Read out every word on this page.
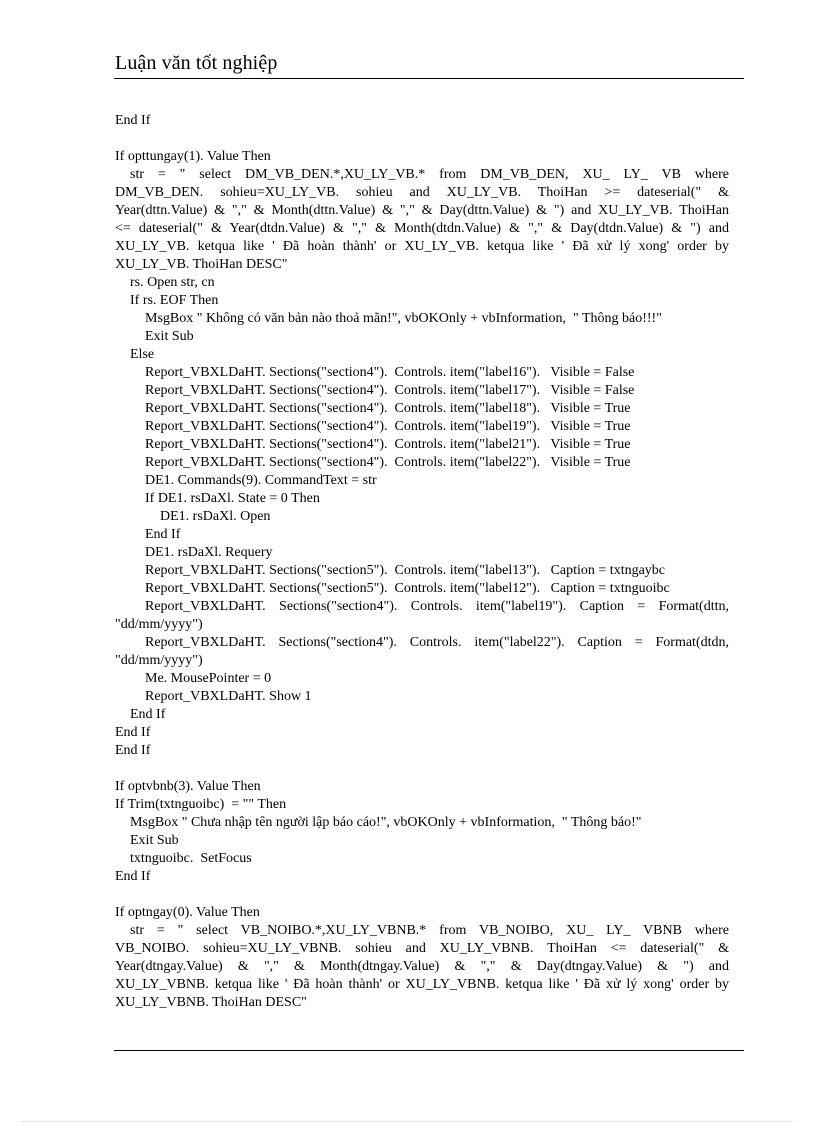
Luận văn tốt nghiệp
End If
If opttungay(1). Value Then
str = " select DM_VB_DEN.*,XU_LY_VB.* from DM_VB_DEN, XU_ LY_ VB where
DM_VB_DEN. sohieu=XU_LY_VB. sohieu and XU_LY_VB. ThoiHan >= dateserial(" &
Year(dttn.Value) & "," & Month(dttn.Value) & "," & Day(dttn.Value) & ") and XU_LY_VB. ThoiHan
<= dateserial(" & Year(dtdn.Value) & "," & Month(dtdn.Value) & "," & Day(dtdn.Value) & ") and
XU_LY_VB. ketqua like ' Đã hoàn thành' or XU_LY_VB. ketqua like ' Đã xử lý xong' order by
XU_LY_VB. ThoiHan DESC"
rs. Open str, cn
If rs. EOF Then
MsgBox " Không có văn bản nào thoả mãn!", vbOKOnly + vbInformation,  " Thông báo!!!"
Exit Sub
Else
Report_VBXLDaHT. Sections("section4").  Controls. item("label16").   Visible = False
Report_VBXLDaHT. Sections("section4").  Controls. item("label17").   Visible = False
Report_VBXLDaHT. Sections("section4").  Controls. item("label18").   Visible = True
Report_VBXLDaHT. Sections("section4").  Controls. item("label19").   Visible = True
Report_VBXLDaHT. Sections("section4").  Controls. item("label21").   Visible = True
Report_VBXLDaHT. Sections("section4").  Controls. item("label22").   Visible = True
DE1. Commands(9). CommandText = str
If DE1. rsDaXl. State = 0 Then
DE1. rsDaXl. Open
End If
DE1. rsDaXl. Requery
Report_VBXLDaHT. Sections("section5").  Controls. item("label13").   Caption = txtngaybc
Report_VBXLDaHT. Sections("section5").  Controls. item("label12").   Caption = txtnguoibc
Report_VBXLDaHT. Sections("section4"). Controls. item("label19"). Caption = Format(dttn,
"dd/mm/yyyy")
Report_VBXLDaHT. Sections("section4"). Controls. item("label22"). Caption = Format(dtdn,
"dd/mm/yyyy")
Me. MousePointer = 0
Report_VBXLDaHT. Show 1
End If
End If
End If
If optvbnb(3). Value Then
If Trim(txtnguoibc)  = "" Then
MsgBox " Chưa nhập tên người lập báo cáo!", vbOKOnly + vbInformation,  " Thông báo!"
Exit Sub
txtnguoibc.  SetFocus
End If
If optngay(0). Value Then
str = " select VB_NOIBO.*,XU_LY_VBNB.* from VB_NOIBO, XU_ LY_ VBNB where
VB_NOIBO. sohieu=XU_LY_VBNB. sohieu and XU_LY_VBNB. ThoiHan <= dateserial(" &
Year(dtngay.Value) & "," & Month(dtngay.Value) & "," & Day(dtngay.Value) & ") and
XU_LY_VBNB. ketqua like ' Đã hoàn thành' or XU_LY_VBNB. ketqua like ' Đã xử lý xong' order by
XU_LY_VBNB. ThoiHan DESC"
